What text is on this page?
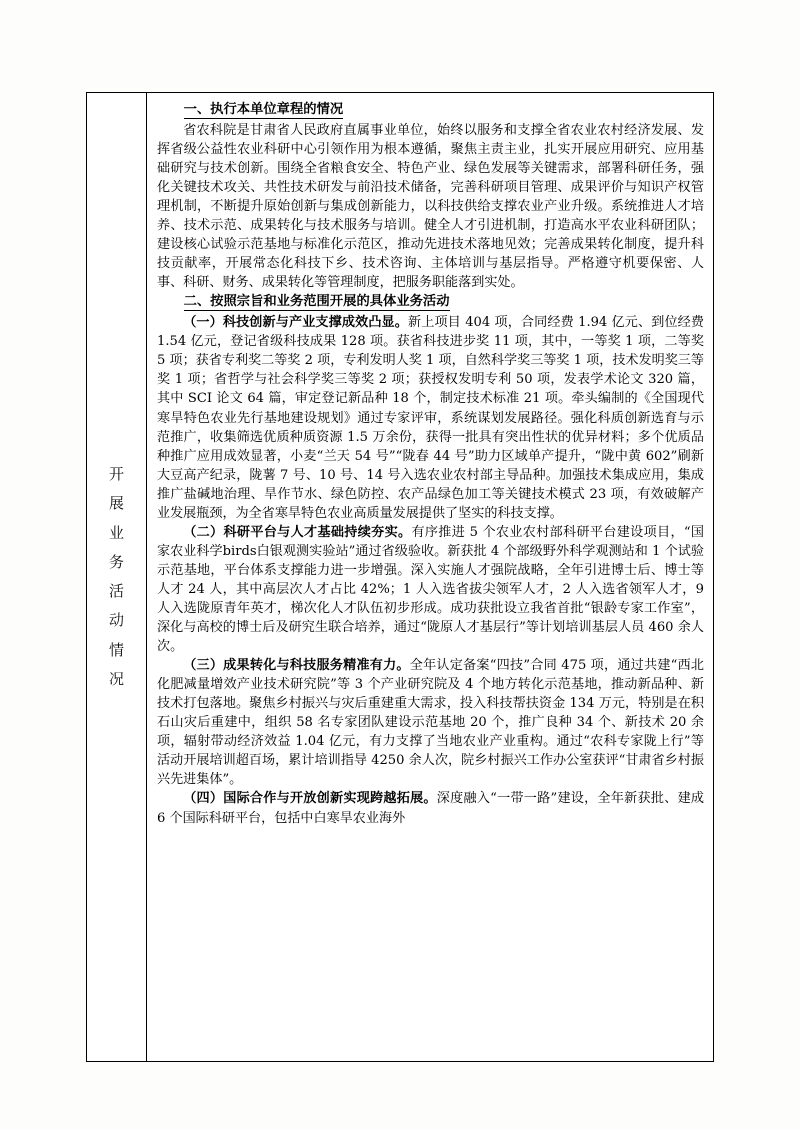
开
展
业
务
活
动
情
况

一、执行本单位章程的情况

省农科院是甘肃省人民政府直属事业单位，始终以服务和支撑全省农业农村经济发展、发挥省级公益性农业科研中心引领作用为根本遵循，聚焦主责主业，扎实开展应用研究、应用基础研究与技术创新。围绕全省粮食安全、特色产业、绿色发展等关键需求，部署科研任务，强化关键技术攻关、共性技术研发与前沿技术储备，完善科研项目管理、成果评价与知识产权管理机制，不断提升原始创新与集成创新能力，以科技供给支撑农业产业升级。系统推进人才培养、技术示范、成果转化与技术服务与培训。健全人才引进机制，打造高水平农业科研团队；建设核心试验示范基地与标准化示范区，推动先进技术落地见效；完善成果转化制度，提升科技贡献率，开展常态化科技下乡、技术咨询、主体培训与基层指导。严格遵守机要保密、人事、科研、财务、成果转化等管理制度，把服务职能落到实处。

二、按照宗旨和业务范围开展的具体业务活动

（一）科技创新与产业支撑成效凸显。新上项目 404 项，合同经费 1.94 亿元、到位经费 1.54 亿元，登记省级科技成果 128 项。获省科技进步奖 11 项，其中，一等奖 1 项，二等奖 5 项；获省专利奖二等奖 2 项，专利发明人奖 1 项，自然科学奖三等奖 1 项，技术发明奖三等奖 1 项；省哲学与社会科学奖三等奖 2 项；获授权发明专利 50 项，发表学术论文 320 篇，其中 SCI 论文 64 篇，审定登记新品种 18 个，制定技术标准 21 项。牵头编制的《全国现代寒旱特色农业先行基地建设规划》通过专家评审，系统谋划发展路径。强化科质创新选育与示范推广，收集筛选优质种质资源 1.5 万余份，获得一批具有突出性状的优异材料；多个优质品种推广应用成效显著，小麦“兰天 54 号”“陇春 44 号”助力区域单产提升，“陇中黄 602”刷新大豆高产纪录，陇薯 7 号、10 号、14 号入选农业农村部主导品种。加强技术集成应用，集成推广盐碱地治理、旱作节水、绿色防控、农产品绿色加工等关键技术模式 23 项，有效破解产业发展瓶颈，为全省寒旱特色农业高质量发展提供了坚实的科技支撑。

（二）科研平台与人才基础持续夯实。有序推进 5 个农业农村部科研平台建设项目，“国家农业科学birds白银观测实验站”通过省级验收。新获批 4 个部级野外科学观测站和 1 个试验示范基地，平台体系支撑能力进一步增强。深入实施人才强院战略，全年引进博士后、博士等人才 24 人，其中高层次人才占比 42%；1 人入选省拔尖领军人才，2 人入选省领军人才，9 人入选陇原青年英才，梯次化人才队伍初步形成。成功获批设立我省首批“银龄专家工作室”，深化与高校的博士后及研究生联合培养，通过“陇原人才基层行”等计划培训基层人员 460 余人次。

（三）成果转化与科技服务精准有力。全年认定备案“四技”合同 475 项，通过共建“西北化肥减量增效产业技术研究院”等 3 个产业研究院及 4 个地方转化示范基地，推动新品种、新技术打包落地。聚焦乡村振兴与灾后重建重大需求，投入科技帮扶资金 134 万元，特别是在积石山灾后重建中，组织 58 名专家团队建设示范基地 20 个，推广良种 34 个、新技术 20 余项，辐射带动经济效益 1.04 亿元，有力支撑了当地农业产业重构。通过“农科专家陇上行”等活动开展培训超百场，累计培训指导 4250 余人次，院乡村振兴工作办公室获评“甘肃省乡村振兴先进集体”。

（四）国际合作与开放创新实现跨越拓展。深度融入“一带一路”建设，全年新获批、建成 6 个国际科研平台，包括中白寒旱农业海外
